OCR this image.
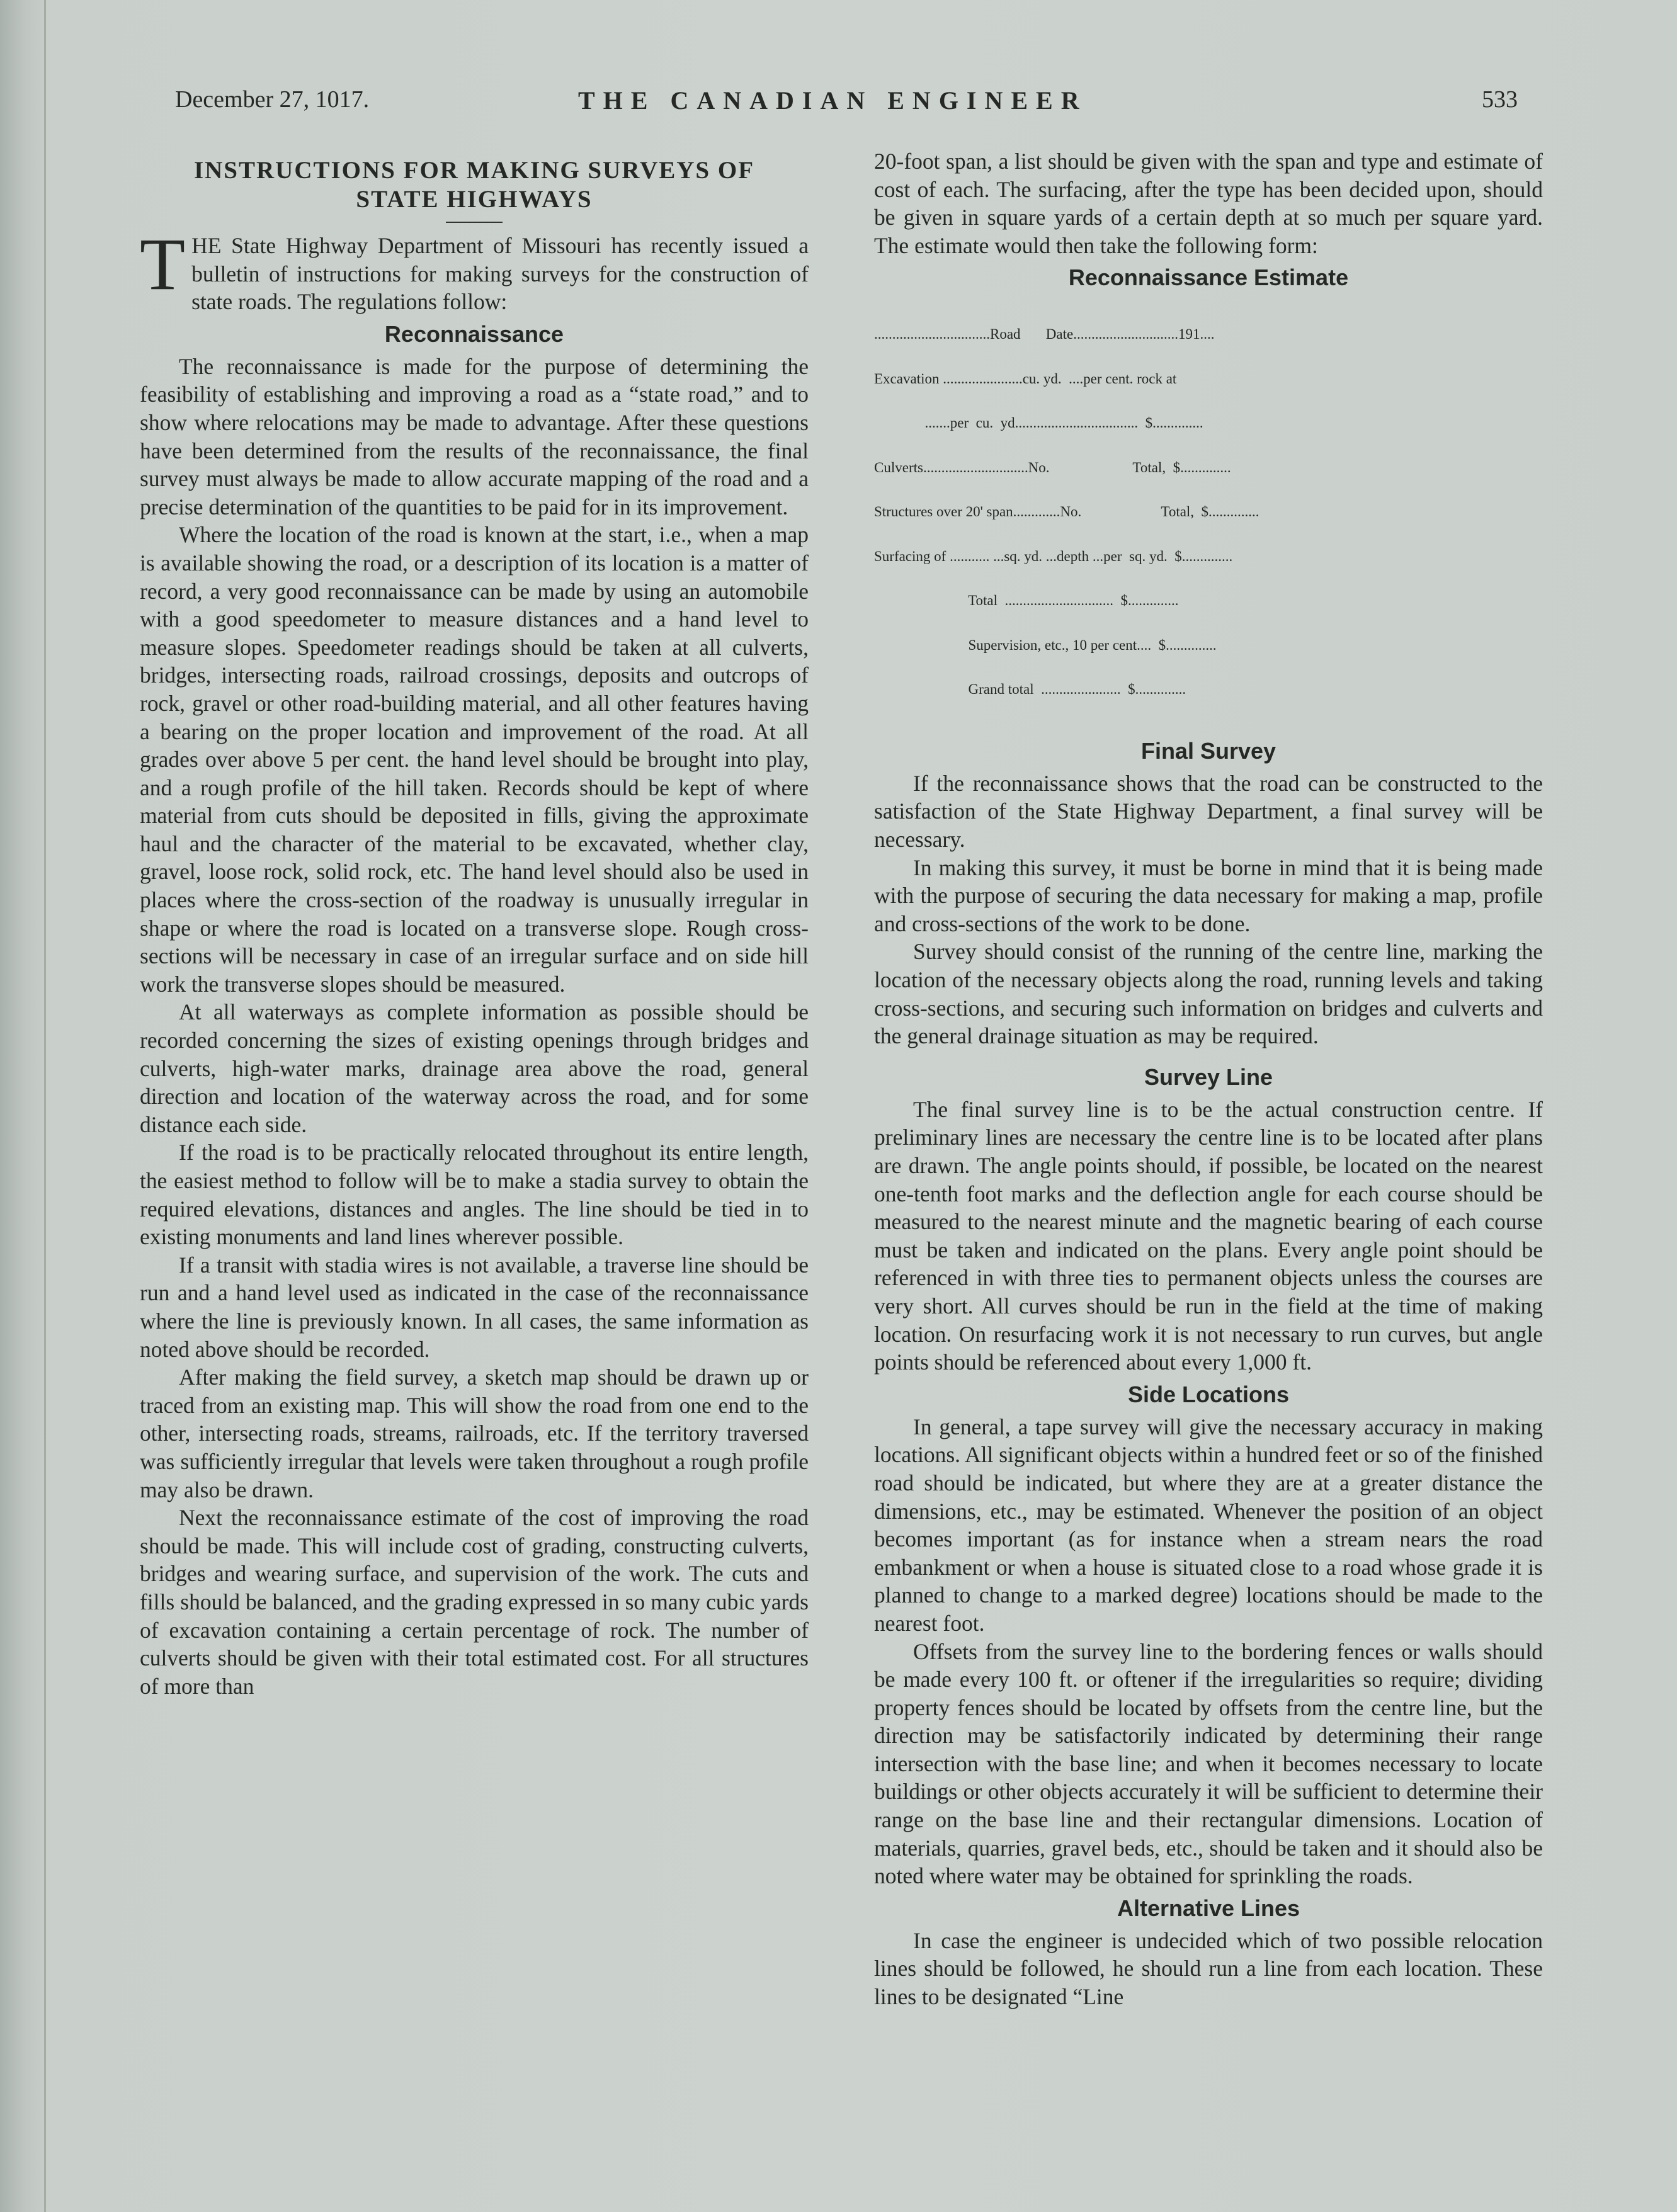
December 27, 1017.	THE CANADIAN ENGINEER	533
INSTRUCTIONS FOR MAKING SURVEYS OF
STATE HIGHWAYS

THE State Highway Department of Missouri has recently issued a bulletin of instructions for making surveys for the construction of state roads. The regulations follow:

Reconnaissance

The reconnaissance is made for the purpose of determining the feasibility of establishing and improving a road as a “state road,” and to show where relocations may be made to advantage. After these questions have been determined from the results of the reconnaissance, the final survey must always be made to allow accurate mapping of the road and a precise determination of the quantities to be paid for in its improvement.

Where the location of the road is known at the start, i.e., when a map is available showing the road, or a description of its location is a matter of record, a very good reconnaissance can be made by using an automobile with a good speedometer to measure distances and a hand level to measure slopes. Speedometer readings should be taken at all culverts, bridges, intersecting roads, railroad crossings, deposits and outcrops of rock, gravel or other road-building material, and all other features having a bearing on the proper location and improvement of the road. At all grades over above 5 per cent. the hand level should be brought into play, and a rough profile of the hill taken. Records should be kept of where material from cuts should be deposited in fills, giving the approximate haul and the character of the material to be excavated, whether clay, gravel, loose rock, solid rock, etc. The hand level should also be used in places where the cross-section of the roadway is unusually irregular in shape or where the road is located on a transverse slope. Rough cross-sections will be necessary in case of an irregular surface and on side hill work the transverse slopes should be measured.

At all waterways as complete information as possible should be recorded concerning the sizes of existing openings through bridges and culverts, high-water marks, drainage area above the road, general direction and location of the waterway across the road, and for some distance each side.

If the road is to be practically relocated throughout its entire length, the easiest method to follow will be to make a stadia survey to obtain the required elevations, distances and angles. The line should be tied in to existing monuments and land lines wherever possible.

If a transit with stadia wires is not available, a traverse line should be run and a hand level used as indicated in the case of the reconnaissance where the line is previously known. In all cases, the same information as noted above should be recorded.

After making the field survey, a sketch map should be drawn up or traced from an existing map. This will show the road from one end to the other, intersecting roads, streams, railroads, etc. If the territory traversed was sufficiently irregular that levels were taken throughout a rough profile may also be drawn.

Next the reconnaissance estimate of the cost of improving the road should be made. This will include cost of grading, constructing culverts, bridges and wearing surface, and supervision of the work. The cuts and fills should be balanced, and the grading expressed in so many cubic yards of excavation containing a certain percentage of rock. The number of culverts should be given with their total estimated cost. For all structures of more than

20-foot span, a list should be given with the span and type and estimate of cost of each. The surfacing, after the type has been decided upon, should be given in square yards of a certain depth at so much per square yard. The estimate would then take the following form:

Reconnaissance Estimate

................................Road       Date.............................191....

Excavation ......................cu. yd.  ....per cent. rock at

.......per  cu.  yd..................................  $..............

Culverts.............................No.                       Total,  $..............

Structures over 20' span.............No.                      Total,  $..............

Surfacing of ........... ...sq. yd. ...depth ...per  sq. yd.  $..............

Total  ..............................  $..............

Supervision, etc., 10 per cent....  $..............

Grand total  ......................  $..............

Final Survey

If the reconnaissance shows that the road can be constructed to the satisfaction of the State Highway Department, a final survey will be necessary.

In making this survey, it must be borne in mind that it is being made with the purpose of securing the data necessary for making a map, profile and cross-sections of the work to be done.

Survey should consist of the running of the centre line, marking the location of the necessary objects along the road, running levels and taking cross-sections, and securing such information on bridges and culverts and the general drainage situation as may be required.

Survey Line

The final survey line is to be the actual construction centre. If preliminary lines are necessary the centre line is to be located after plans are drawn. The angle points should, if possible, be located on the nearest one-tenth foot marks and the deflection angle for each course should be measured to the nearest minute and the magnetic bearing of each course must be taken and indicated on the plans. Every angle point should be referenced in with three ties to permanent objects unless the courses are very short. All curves should be run in the field at the time of making location. On resurfacing work it is not necessary to run curves, but angle points should be referenced about every 1,000 ft.

Side Locations

In general, a tape survey will give the necessary accuracy in making locations. All significant objects within a hundred feet or so of the finished road should be indicated, but where they are at a greater distance the dimensions, etc., may be estimated. Whenever the position of an object becomes important (as for instance when a stream nears the road embankment or when a house is situated close to a road whose grade it is planned to change to a marked degree) locations should be made to the nearest foot.

Offsets from the survey line to the bordering fences or walls should be made every 100 ft. or oftener if the irregularities so require; dividing property fences should be located by offsets from the centre line, but the direction may be satisfactorily indicated by determining their range intersection with the base line; and when it becomes necessary to locate buildings or other objects accurately it will be sufficient to determine their range on the base line and their rectangular dimensions. Location of materials, quarries, gravel beds, etc., should be taken and it should also be noted where water may be obtained for sprinkling the roads.

Alternative Lines

In case the engineer is undecided which of two possible relocation lines should be followed, he should run a line from each location. These lines to be designated “Line
